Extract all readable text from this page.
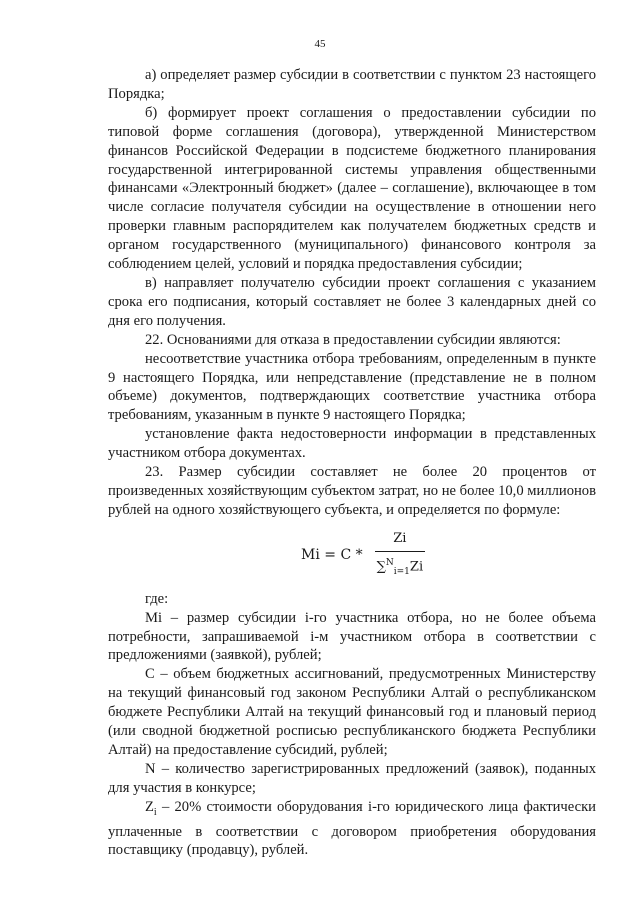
45

а) определяет размер субсидии в соответствии с пунктом 23 настоящего Порядка;

б) формирует проект соглашения о предоставлении субсидии по типовой форме соглашения (договора), утвержденной Министерством финансов Российской Федерации в подсистеме бюджетного планирования государственной интегрированной системы управления общественными финансами «Электронный бюджет» (далее – соглашение), включающее в том числе согласие получателя субсидии на осуществление в отношении него проверки главным распорядителем как получателем бюджетных средств и органом государственного (муниципального) финансового контроля за соблюдением целей, условий и порядка предоставления субсидии;

в) направляет получателю субсидии проект соглашения с указанием срока его подписания, который составляет не более 3 календарных дней со дня его получения.

22. Основаниями для отказа в предоставлении субсидии являются:

несоответствие участника отбора требованиям, определенным в пункте 9 настоящего Порядка, или непредставление (представление не в полном объеме) документов, подтверждающих соответствие участника отбора требованиям, указанным в пункте 9 настоящего Порядка;

установление факта недостоверности информации в представленных участником отбора документах.

23. Размер субсидии составляет не более 20 процентов от произведенных хозяйствующим субъектом затрат, но не более 10,0 миллионов рублей на одного хозяйствующего субъекта, и определяется по формуле:

$Mi = C * \frac{Zi}{\sum^N_{i=1}Zi}$

где:

Mi – размер субсидии i-го участника отбора, но не более объема потребности, запрашиваемой i-м участником отбора в соответствии с предложениями (заявкой), рублей;

C – объем бюджетных ассигнований, предусмотренных Министерству на текущий финансовый год законом Республики Алтай о республиканском бюджете Республики Алтай на текущий финансовый год и плановый период (или сводной бюджетной росписью республиканского бюджета Республики Алтай) на предоставление субсидий, рублей;

N – количество зарегистрированных предложений (заявок), поданных для участия в конкурсе;

$Z_i - 20\%$ стоимости оборудования i-го юридического лица фактически уплаченные в соответствии с договором приобретения оборудования поставщику (продавцу), рублей.
